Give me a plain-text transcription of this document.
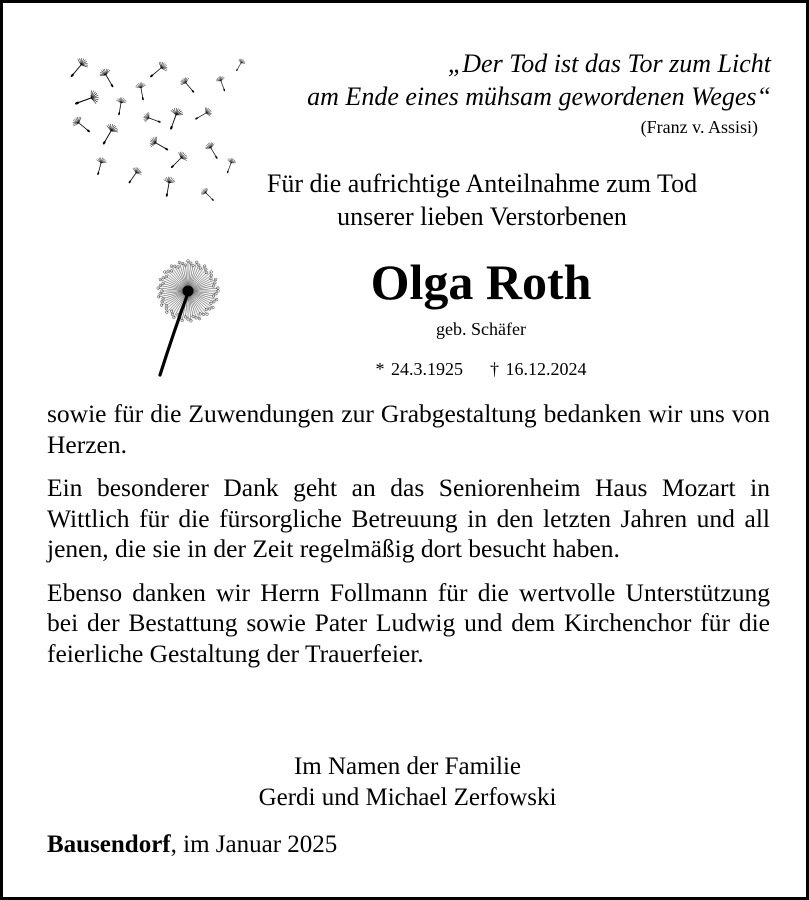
„Der Tod ist das Tor zum Licht
am Ende eines mühsam gewordenen Weges“
(Franz v. Assisi)
Für die aufrichtige Anteilnahme zum Tod
unserer lieben Verstorbenen
Olga Roth
geb. Schäfer
* 24.3.1925 † 16.12.2024

sowie für die Zuwendungen zur Grabgestaltung bedanken wir uns von Herzen.

Ein besonderer Dank geht an das Seniorenheim Haus Mozart in Wittlich für die fürsorgliche Betreuung in den letzten Jahren und all jenen, die sie in der Zeit regelmäßig dort besucht haben.

Ebenso danken wir Herrn Follmann für die wertvolle Unterstützung bei der Bestattung sowie Pater Ludwig und dem Kirchenchor für die feierliche Gestaltung der Trauerfeier.

Im Namen der Familie
Gerdi und Michael Zerfowski
Bausendorf, im Januar 2025
